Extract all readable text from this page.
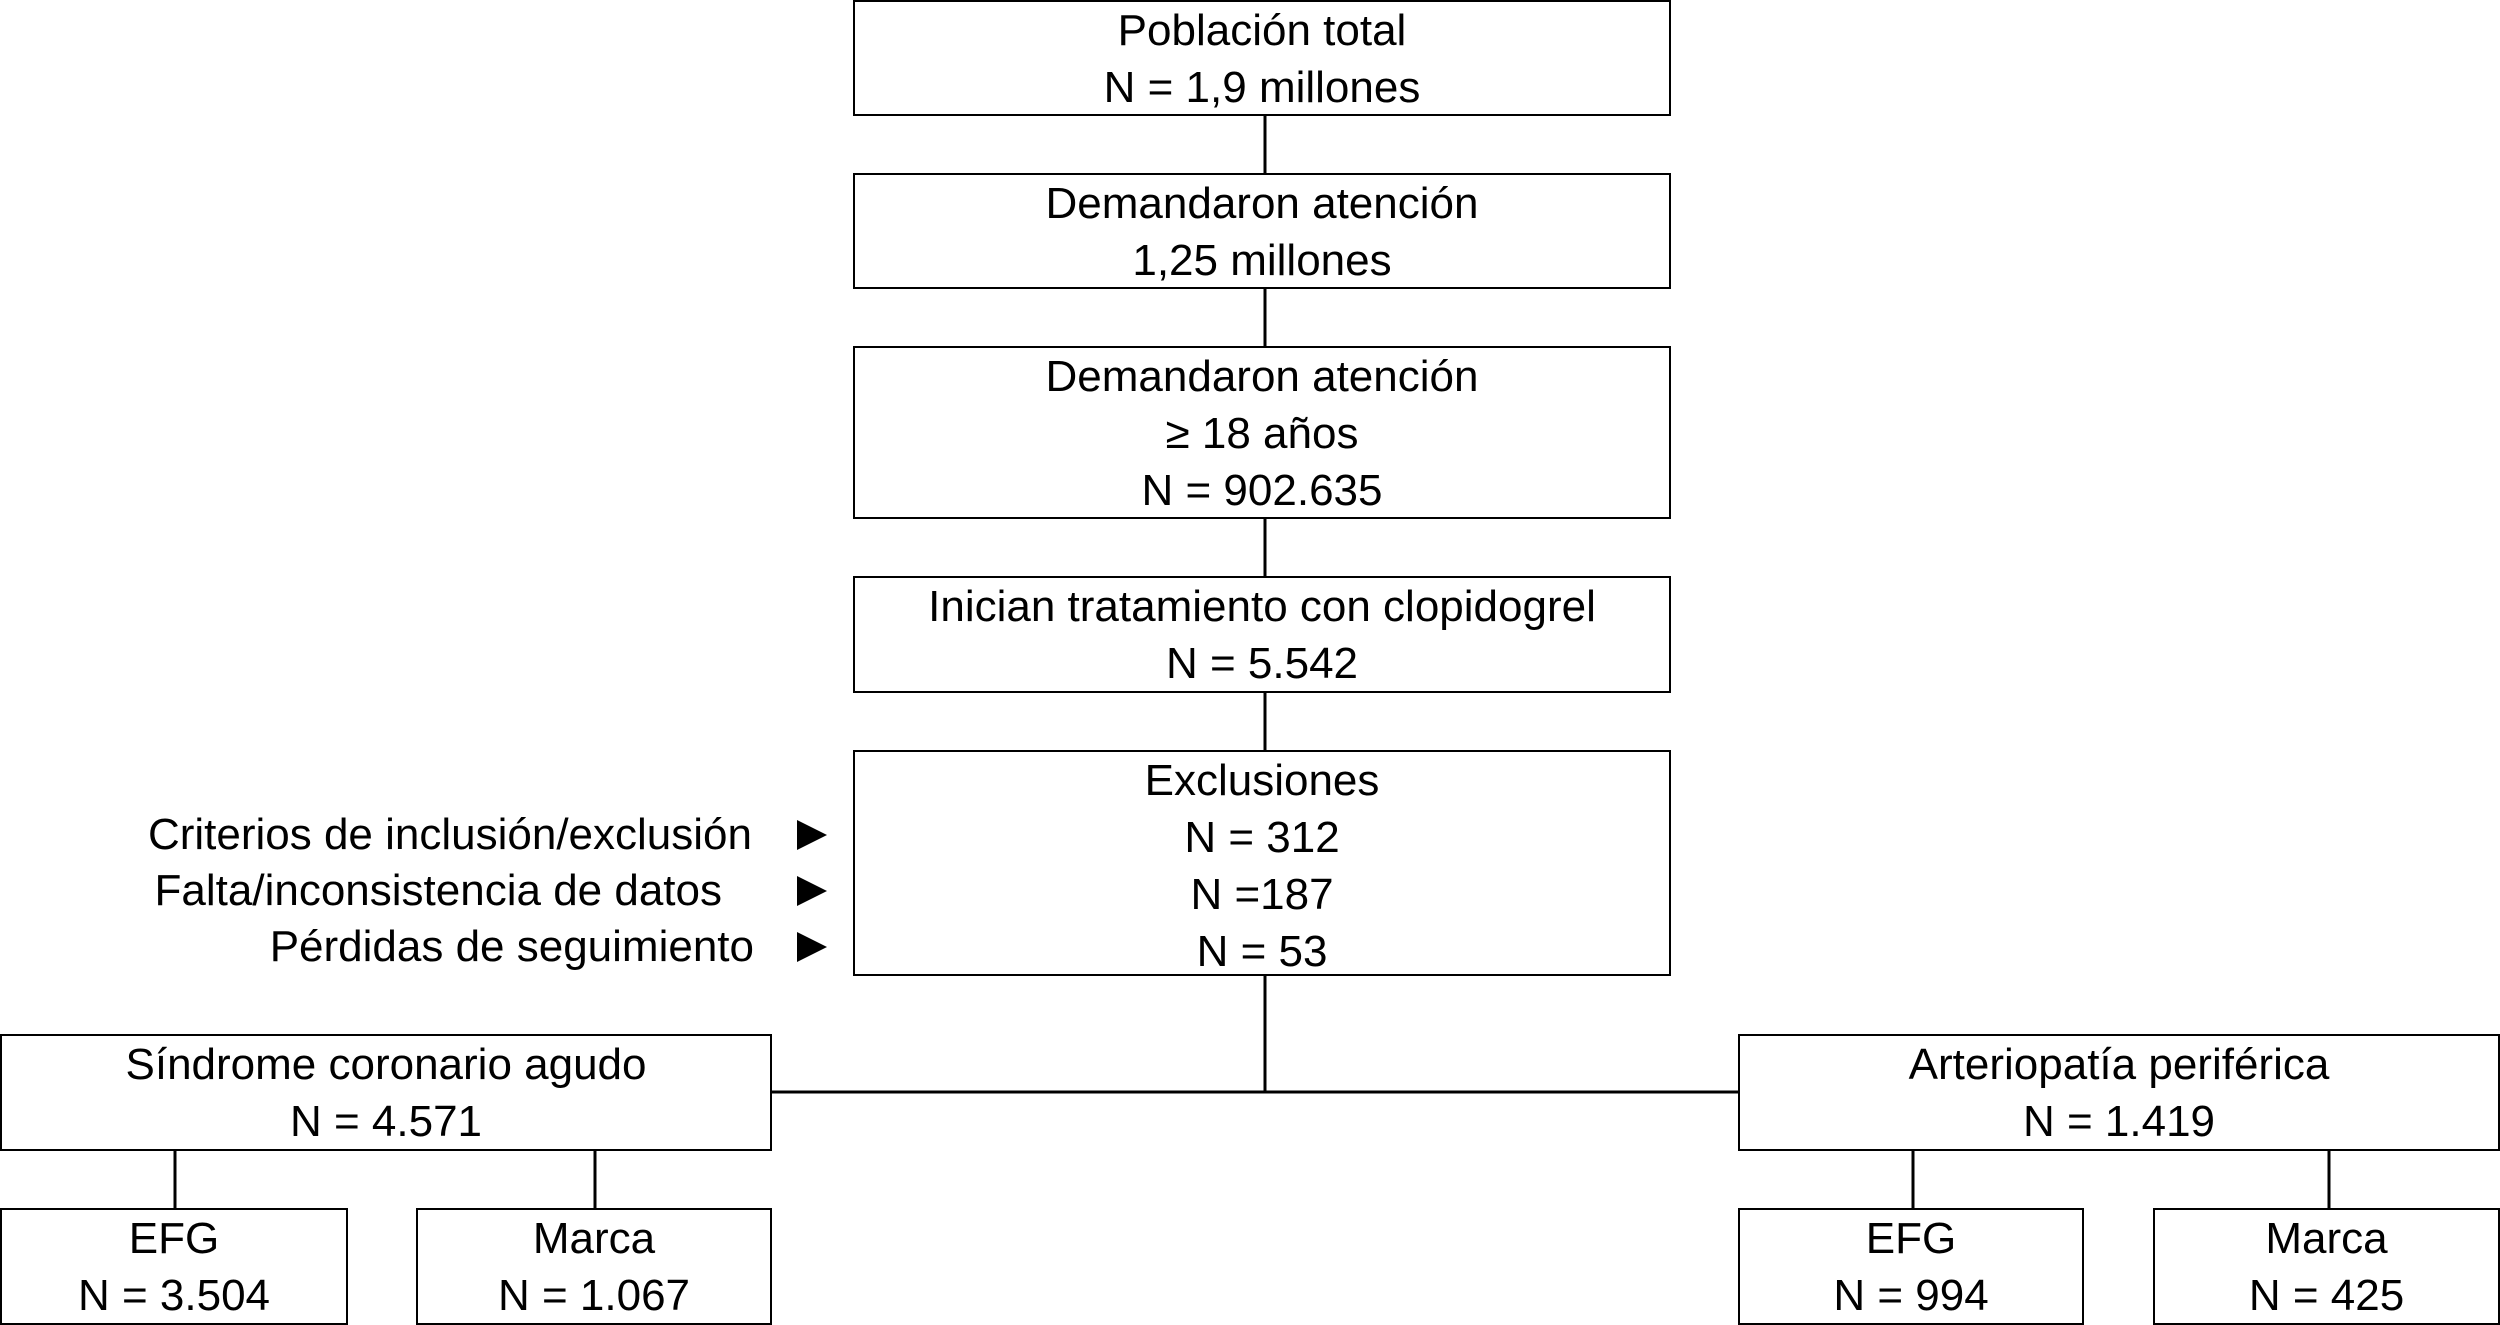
Población total
N = 1,9 millones
Demandaron atención
1,25 millones
Demandaron atención
≥ 18 años
N = 902.635
Inician tratamiento con clopidogrel
N = 5.542
Exclusiones
N = 312
N =187
N = 53
Criterios de inclusión/exclusión
Falta/inconsistencia de datos
Pérdidas de seguimiento
Síndrome coronario agudo
N = 4.571
EFG
N = 3.504
Marca
N = 1.067
Arteriopatía periférica
N = 1.419
EFG
N = 994
Marca
N = 425
